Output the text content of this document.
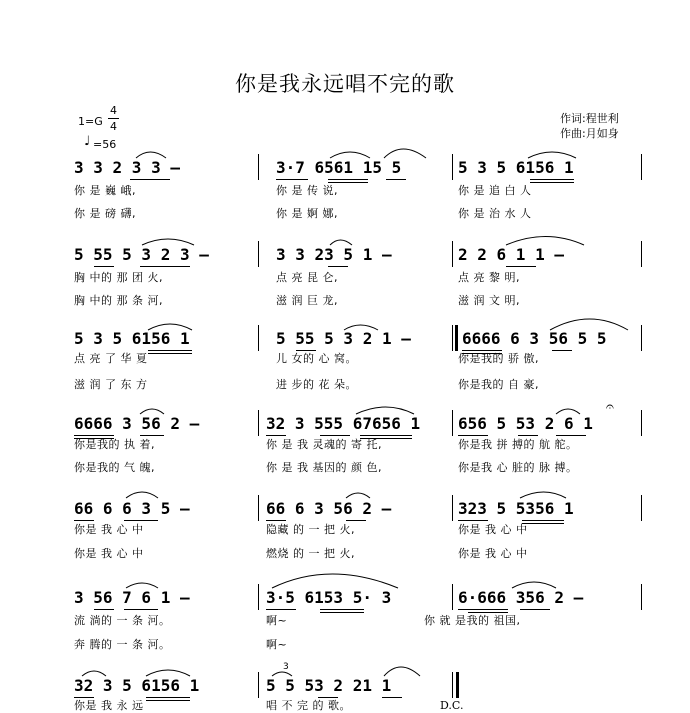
你是我永远唱不完的歌
1=G
4
4
♩ =56
作词:程世利
作曲:月如身
3 3 2 3 3 –	3·7 6561 15 5	5 3 5 6156 1
你 是 巍 峨,	你 是 传 说,	你 是 追 白 人
你 是 磅 礴,	你 是 婀 娜,	你 是 治 水 人
5 55 5 3 2 3 –	3 3 23 5 1 –	2 2 6 1 1 –
胸 中的 那 团 火,	点 亮 昆 仑,	点 亮 黎 明,
胸 中的 那 条 河,	滋 润 巨 龙,	滋 润 文 明,
5 3 5 6156 1	5 55 5 3 2 1 –	6666 6 3 56 5 5
点 亮 了 华 夏	儿 女的 心 窝。	你是我的 骄 傲,
滋 润 了 东 方	进 步的 花 朵。	你是我的 自 豪,
6666 3 56 2 –	32 3 555 67656 1 656 5 53 2 6 1
𝄐
你是我的 执 着,	你 是 我 灵魂的 寄 托,	你是我 拼 搏的 航 舵。
你是我的 气 魄,	你 是 我 基因的 颜 色,	你是我 心 脏的 脉 搏。
66 6 6 3 5 –	66 6 3 56 2 –	323 5 5356 1
你是 我 心 中	隐藏 的 一 把 火,	你是 我 心 中
你是 我 心 中	燃烧 的 一 把 火,	你是 我 心 中
3 56 7 6 1 –	3·5 6153 5· 3	6·666 356 2 –
流 淌的 一 条 河。	啊~	你 就 是我的 祖国,
奔 腾的 一 条 河。	啊~
32 3 5 6156 1	5 5 53 2 21 1
3
你是 我 永 远	唱 不 完 的 歌。	D.C.
